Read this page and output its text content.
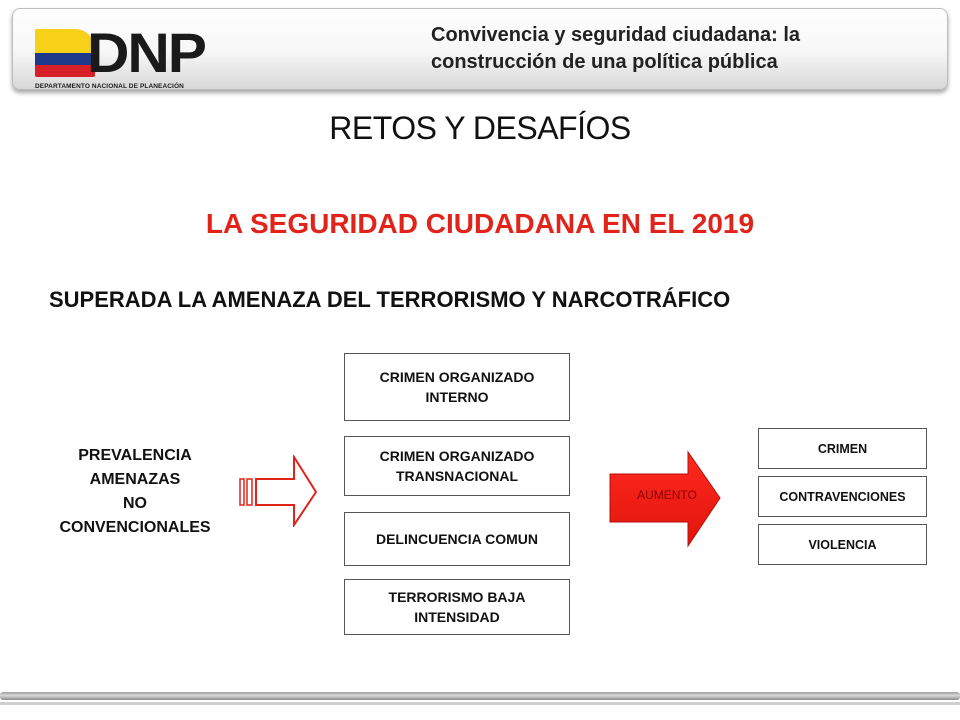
DNP
DEPARTAMENTO NACIONAL DE PLANEACIÓN
Convivencia y seguridad ciudadana: la
construcción de una política pública
RETOS Y DESAFÍOS
LA SEGURIDAD CIUDADANA EN EL 2019
SUPERADA LA AMENAZA DEL TERRORISMO Y NARCOTRÁFICO
PREVALENCIA
AMENAZAS
NO
CONVENCIONALES
CRIMEN ORGANIZADO
INTERNO
CRIMEN ORGANIZADO
TRANSNACIONAL
DELINCUENCIA COMUN
TERRORISMO BAJA
INTENSIDAD
AUMENTO
CRIMEN
CONTRAVENCIONES
VIOLENCIA
